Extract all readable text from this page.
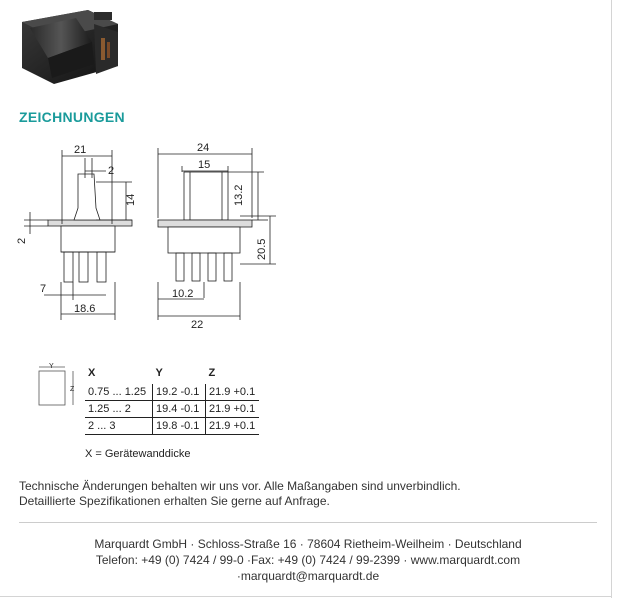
ZEICHNUNGEN
21
2
14
2
7
18.6
24
15
13.2
20.5
10.2
22
Y
Z
X	Y	Z
0.75 ... 1.25	19.2 -0.1	21.9 +0.1
1.25 ... 2	19.4 -0.1	21.9 +0.1
2 ... 3	19.8 -0.1	21.9 +0.1
X = Gerätewanddicke
Technische Änderungen behalten wir uns vor. Alle Maßangaben sind unverbindlich.
Detaillierte Spezifikationen erhalten Sie gerne auf Anfrage.
Marquardt GmbH · Schloss-Straße 16 · 78604 Rietheim-Weilheim · Deutschland
Telefon: +49 (0) 7424 / 99-0 ·Fax: +49 (0) 7424 / 99-2399 · www.marquardt.com
·marquardt@marquardt.de
